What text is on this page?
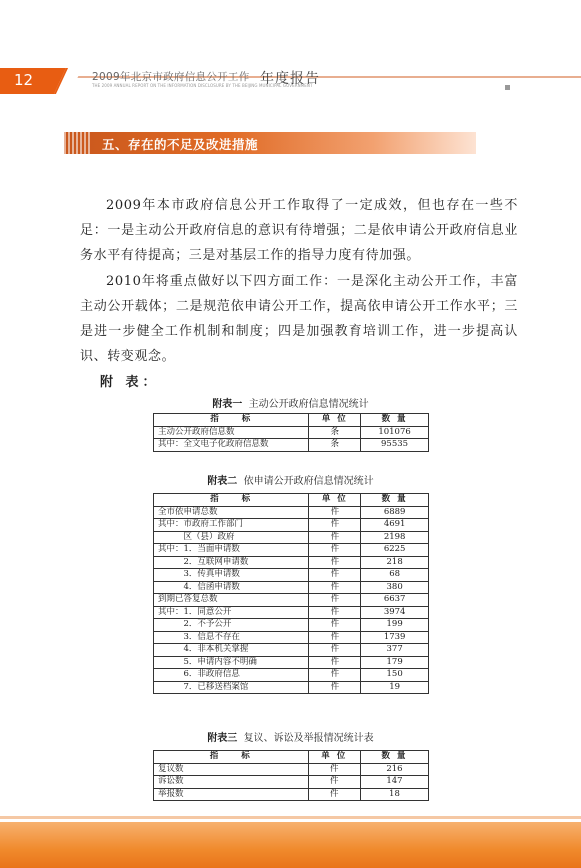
12	2009年北京市政府信息公开工作
THE 2009 ANNUAL REPORT ON THE INFORMATION DISCLOSURE BY THE BEIJING MUNICIPAL GOVERNMENT
年度报告
五、存在的不足及改进措施

2009年本市政府信息公开工作取得了一定成效，但也存在一些不足：一是主动公开政府信息的意识有待增强；二是依申请公开政府信息业务水平有待提高；三是对基层工作的指导力度有待加强。

2010年将重点做好以下四方面工作：一是深化主动公开工作，丰富主动公开载体；二是规范依申请公开工作，提高依申请公开工作水平；三是进一步健全工作机制和制度；四是加强教育培训工作，进一步提高认识、转变观念。

附 表：
附表一 主动公开政府信息情况统计
指　　标	单 位	数 量
主动公开政府信息数	条	101076
其中：全文电子化政府信息数	条	95535
附表二 依申请公开政府信息情况统计
指　　标	单 位	数 量
全市依申请总数	件	6889
其中：市政府工作部门	件	4691
　　　区（县）政府	件	2198
其中：1．当面申请数	件	6225
　　　2．互联网申请数	件	218
　　　3．传真申请数	件	68
　　　4．信函申请数	件	380
到期已答复总数	件	6637
其中：1．同意公开	件	3974
　　　2．不予公开	件	199
　　　3．信息不存在	件	1739
　　　4．非本机关掌握	件	377
　　　5．申请内容不明确	件	179
　　　6．非政府信息	件	150
　　　7．已移送档案馆	件	19
附表三 复议、诉讼及举报情况统计表
指　　标	单 位	数 量
复议数	件	216
诉讼数	件	147
举报数	件	18
